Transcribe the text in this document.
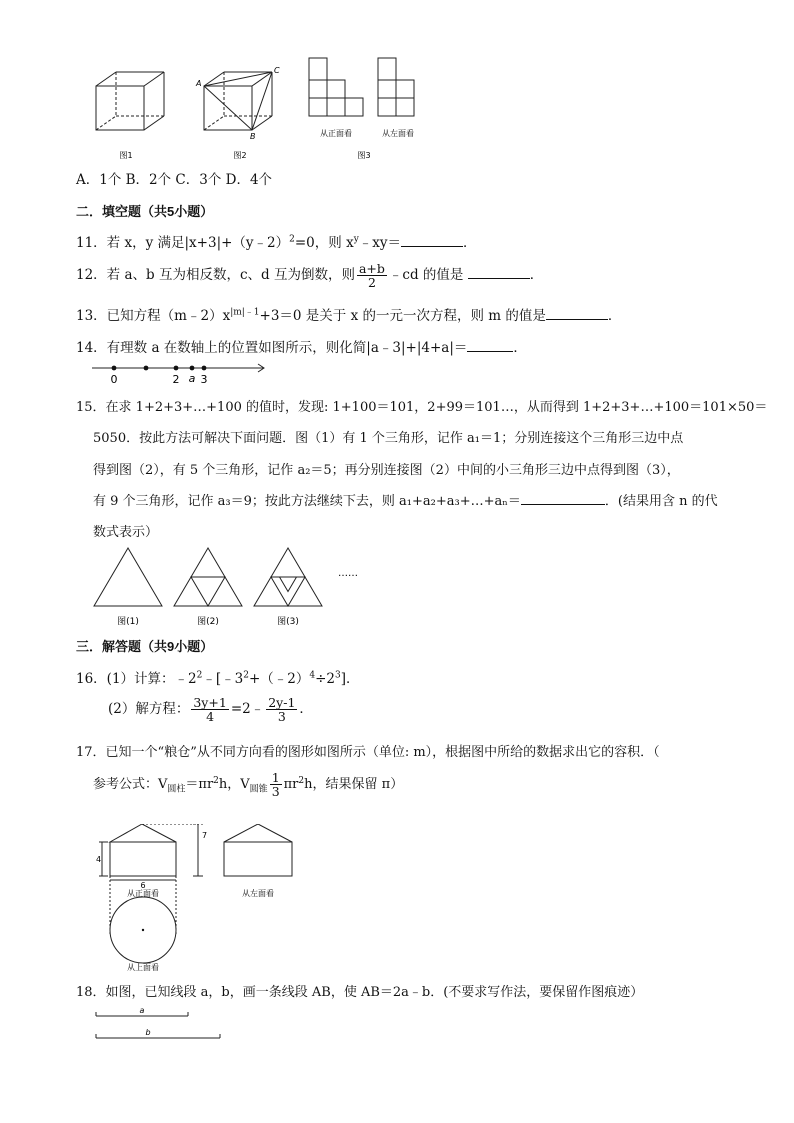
图1
A
B
C
图2
从正面看	从左面看
图3
A．1个 B．2个 C．3个 D．4个
二．填空题（共5小题）
11．若 x，y 满足|x+3|+（y﹣2）$^2$=0，则 $x^y﹣xy=$	．
12．若 a、b 互为相反数，c、d 互为倒数，则 $\frac{a+b}{2}$ ﹣cd 的值是	．
13．已知方程$(m﹣2)x^{|m|﹣1}+3=0$ 是关于 x 的一元一次方程，则 m 的值是	．
14．有理数 a 在数轴上的位置如图所示，则化简|a﹣3|+|4+a|＝	．
0	2 a 3
15．在求 1+2+3+…+100 的值时，发现: 1+100＝101，2+99＝101…，从而得到 1+2+3+…+100＝101×50＝
5050．按此方法可解决下面问题．图（1）有 1 个三角形，记作 a₁＝1；分别连接这个三角形三边中点
得到图（2），有 5 个三角形，记作 a₂＝5；再分别连接图（2）中间的小三角形三边中点得到图（3），
有 9 个三角形，记作 a₃＝9；按此方法继续下去，则 a₁+a₂+a₃+…+aₙ＝	．(结果用含 n 的代
数式表示）
图(1)	图(2)	图(3)
……
三．解答题（共9小题）
16．(1）计算：$﹣2^2﹣[﹣3^2+(﹣2)^4\div 2^3]$．
(2）解方程： $\frac{3y+1}{4}$ =2﹣ $\frac{2y-1}{3}$ ．
17．已知一个“粮仓”从不同方向看的图形如图所示（单位: m），根据图中所给的数据求出它的容积．（
参考公式：$V_{圆柱}=\pi r^2h$，$V_{圆锥} \frac{1}{3} \pi r^2h$，结果保留 π）
4
7
6
从正面看	从左面看
从上面看
18．如图，已知线段 a，b，画一条线段 AB，使 AB＝2a﹣b．(不要求写作法，要保留作图痕迹）
a
b
